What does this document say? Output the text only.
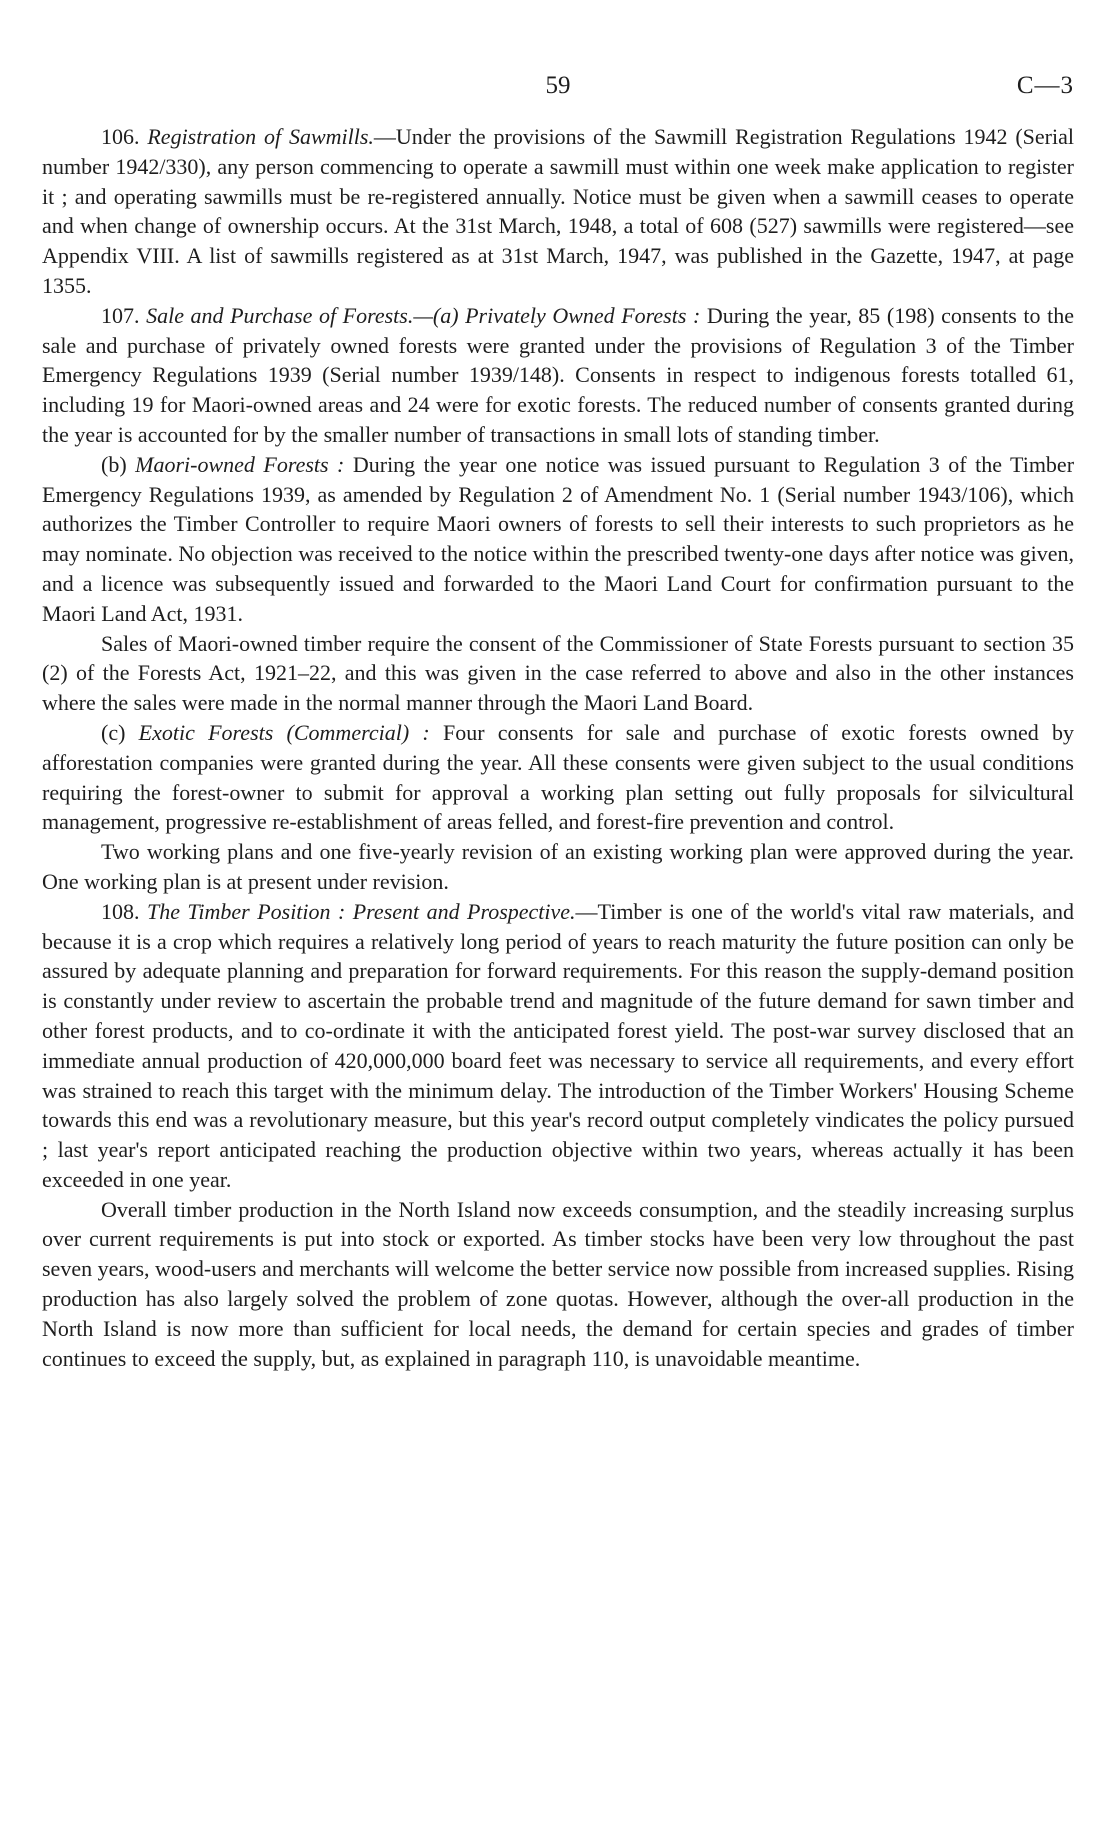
59	C—3

106. Registration of Sawmills.—Under the provisions of the Sawmill Registration Regulations 1942 (Serial number 1942/330), any person commencing to operate a sawmill must within one week make application to register it ; and operating sawmills must be re-registered annually. Notice must be given when a sawmill ceases to operate and when change of ownership occurs. At the 31st March, 1948, a total of 608 (527) sawmills were registered—see Appendix VIII. A list of sawmills registered as at 31st March, 1947, was published in the Gazette, 1947, at page 1355.

107. Sale and Purchase of Forests.—(a) Privately Owned Forests : During the year, 85 (198) consents to the sale and purchase of privately owned forests were granted under the provisions of Regulation 3 of the Timber Emergency Regulations 1939 (Serial number 1939/148). Consents in respect to indigenous forests totalled 61, including 19 for Maori-owned areas and 24 were for exotic forests. The reduced number of consents granted during the year is accounted for by the smaller number of transactions in small lots of standing timber.

(b) Maori-owned Forests : During the year one notice was issued pursuant to Regulation 3 of the Timber Emergency Regulations 1939, as amended by Regulation 2 of Amendment No. 1 (Serial number 1943/106), which authorizes the Timber Controller to require Maori owners of forests to sell their interests to such proprietors as he may nominate. No objection was received to the notice within the prescribed twenty-one days after notice was given, and a licence was subsequently issued and forwarded to the Maori Land Court for confirmation pursuant to the Maori Land Act, 1931.

Sales of Maori-owned timber require the consent of the Commissioner of State Forests pursuant to section 35 (2) of the Forests Act, 1921–22, and this was given in the case referred to above and also in the other instances where the sales were made in the normal manner through the Maori Land Board.

(c) Exotic Forests (Commercial) : Four consents for sale and purchase of exotic forests owned by afforestation companies were granted during the year. All these consents were given subject to the usual conditions requiring the forest-owner to submit for approval a working plan setting out fully proposals for silvicultural management, progressive re-establishment of areas felled, and forest-fire prevention and control.

Two working plans and one five-yearly revision of an existing working plan were approved during the year. One working plan is at present under revision.

108. The Timber Position : Present and Prospective.—Timber is one of the world's vital raw materials, and because it is a crop which requires a relatively long period of years to reach maturity the future position can only be assured by adequate planning and preparation for forward requirements. For this reason the supply-demand position is constantly under review to ascertain the probable trend and magnitude of the future demand for sawn timber and other forest products, and to co-ordinate it with the anticipated forest yield. The post-war survey disclosed that an immediate annual production of 420,000,000 board feet was necessary to service all requirements, and every effort was strained to reach this target with the minimum delay. The introduction of the Timber Workers' Housing Scheme towards this end was a revolutionary measure, but this year's record output completely vindicates the policy pursued ; last year's report anticipated reaching the production objective within two years, whereas actually it has been exceeded in one year.

Overall timber production in the North Island now exceeds consumption, and the steadily increasing surplus over current requirements is put into stock or exported. As timber stocks have been very low throughout the past seven years, wood-users and merchants will welcome the better service now possible from increased supplies. Rising production has also largely solved the problem of zone quotas. However, although the over-all production in the North Island is now more than sufficient for local needs, the demand for certain species and grades of timber continues to exceed the supply, but, as explained in paragraph 110, is unavoidable meantime.
